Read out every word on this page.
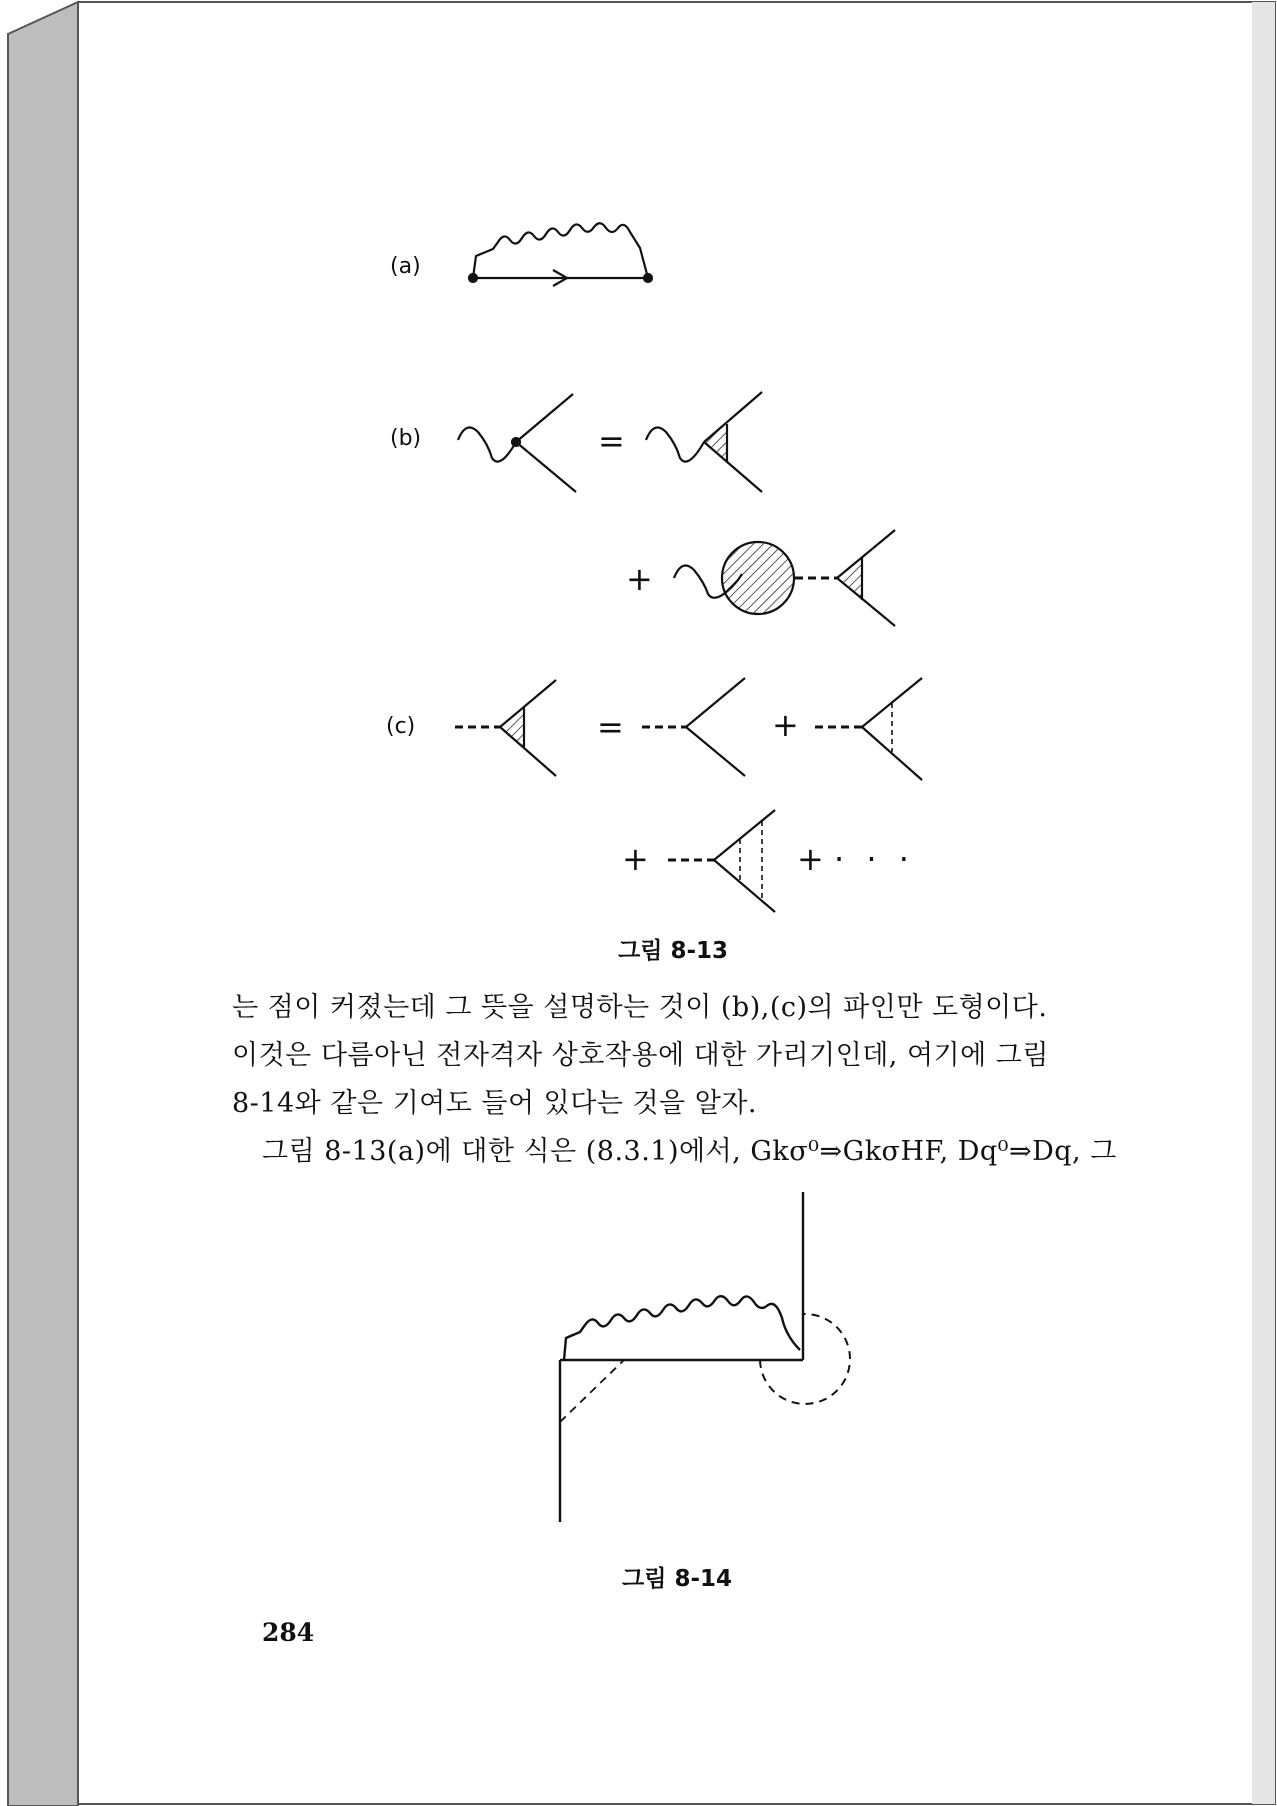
(a)
(b)
(c)
=
+
=	+
+	+ · · ·
그림 8-13
는 점이 커졌는데 그 뜻을 설명하는 것이 (b),(c)의 파인만 도형이다.
이것은 다름아닌 전자격자 상호작용에 대한 가리기인데, 여기에 그림
8-14와 같은 기여도 들어 있다는 것을 알자.
그림 8-13(a)에 대한 식은 (8.3.1)에서, Gkσ⁰⇒GkσHF, Dq⁰⇒Dq, 그
그림 8-14
284
